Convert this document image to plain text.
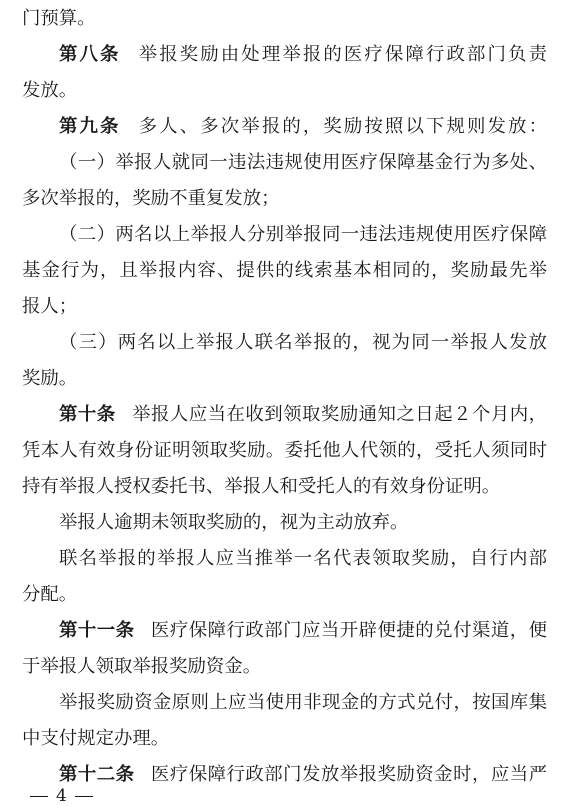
门预算。
第八条 举报奖励由处理举报的医疗保障行政部门负责
发放。
第九条 多人、多次举报的，奖励按照以下规则发放：
（一）举报人就同一违法违规使用医疗保障基金行为多处、
多次举报的，奖励不重复发放；
（二）两名以上举报人分别举报同一违法违规使用医疗保障
基金行为，且举报内容、提供的线索基本相同的，奖励最先举
报人；
（三）两名以上举报人联名举报的，视为同一举报人发放
奖励。
第十条 举报人应当在收到领取奖励通知之日起２个月内，
凭本人有效身份证明领取奖励。委托他人代领的，受托人须同时
持有举报人授权委托书、举报人和受托人的有效身份证明。
举报人逾期未领取奖励的，视为主动放弃。
联名举报的举报人应当推举一名代表领取奖励，自行内部
分配。
第十一条 医疗保障行政部门应当开辟便捷的兑付渠道，便
于举报人领取举报奖励资金。
举报奖励资金原则上应当使用非现金的方式兑付，按国库集
中支付规定办理。
第十二条 医疗保障行政部门发放举报奖励资金时，应当严
4
